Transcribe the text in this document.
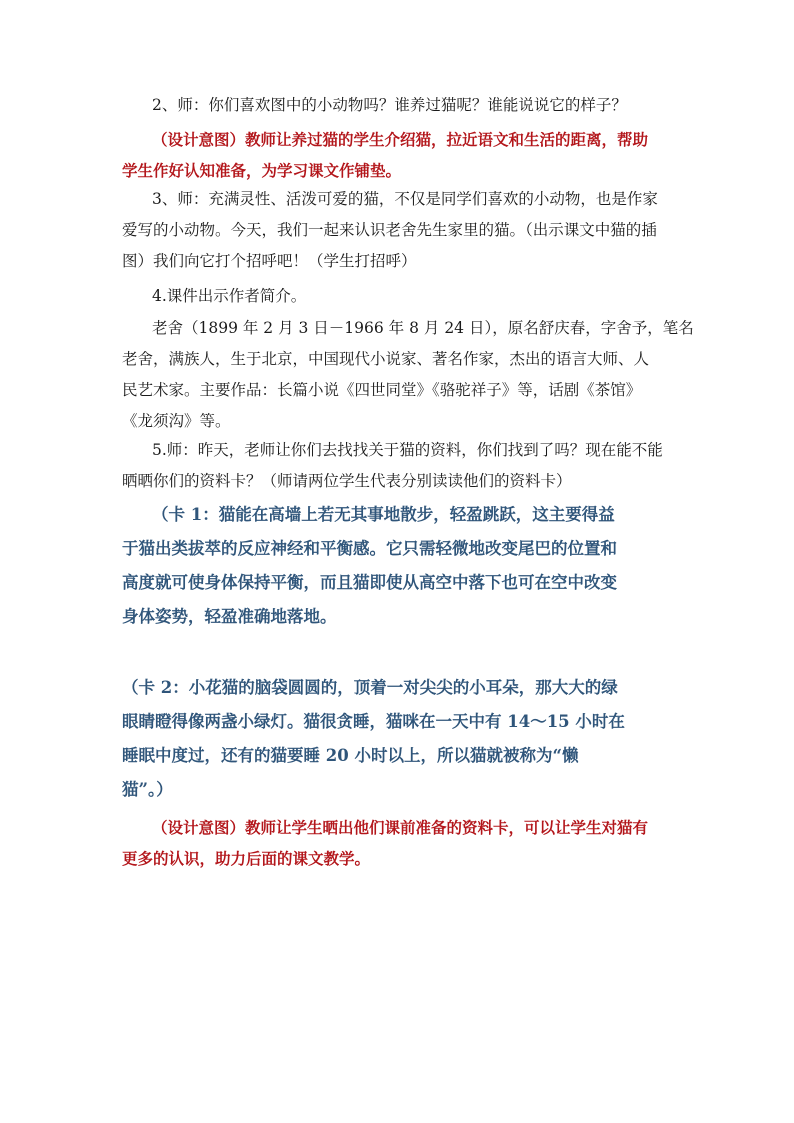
2、师：你们喜欢图中的小动物吗？谁养过猫呢？谁能说说它的样子？
（设计意图）教师让养过猫的学生介绍猫，拉近语文和生活的距离，帮助
学生作好认知准备，为学习课文作铺垫。
3、师：充满灵性、活泼可爱的猫，不仅是同学们喜欢的小动物，也是作家
爱写的小动物。今天，我们一起来认识老舍先生家里的猫。（出示课文中猫的插
图）我们向它打个招呼吧！（学生打招呼）
4.课件出示作者简介。
老舍（1899 年 2 月 3 日－1966 年 8 月 24 日），原名舒庆春，字舍予，笔名
老舍，满族人，生于北京，中国现代小说家、著名作家，杰出的语言大师、人
民艺术家。主要作品：长篇小说《四世同堂》《骆驼祥子》等，话剧《茶馆》
《龙须沟》等。
5.师：昨天，老师让你们去找找关于猫的资料，你们找到了吗？现在能不能
晒晒你们的资料卡？（师请两位学生代表分别读读他们的资料卡）
（卡 1：猫能在高墙上若无其事地散步，轻盈跳跃，这主要得益
于猫出类拔萃的反应神经和平衡感。它只需轻微地改变尾巴的位置和
高度就可使身体保持平衡，而且猫即使从高空中落下也可在空中改变
身体姿势，轻盈准确地落地。
（卡 2：小花猫的脑袋圆圆的，顶着一对尖尖的小耳朵，那大大的绿
眼睛瞪得像两盏小绿灯。猫很贪睡，猫咪在一天中有 14～15 小时在
睡眠中度过，还有的猫要睡 20 小时以上，所以猫就被称为“懒
猫”。）
（设计意图）教师让学生晒出他们课前准备的资料卡，可以让学生对猫有
更多的认识，助力后面的课文教学。
